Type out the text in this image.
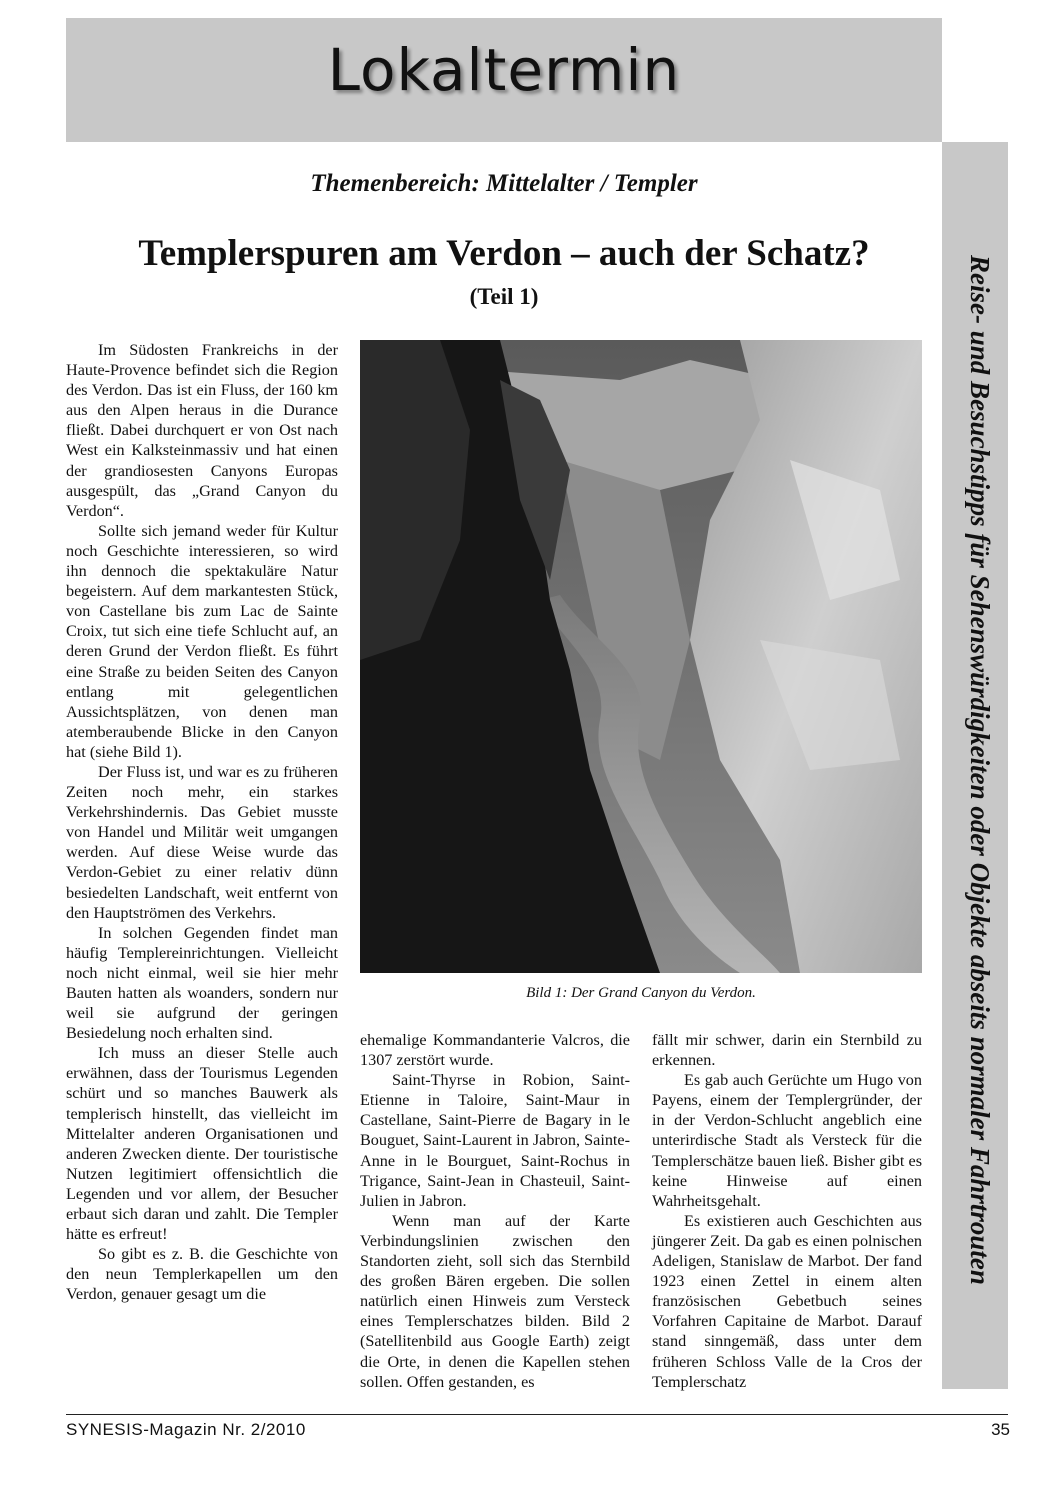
Lokaltermin
Reise- und Besuchstipps für Sehenswürdigkeiten oder Objekte abseits normaler Fahrtrouten
Themenbereich: Mittelalter / Templer
Templerspuren am Verdon – auch der Schatz?
(Teil 1)

Im Südosten Frankreichs in der Haute-Provence befindet sich die Region des Verdon. Das ist ein Fluss, der 160 km aus den Alpen heraus in die Durance fließt. Dabei durchquert er von Ost nach West ein Kalksteinmassiv und hat einen der grandiosesten Canyons Europas ausgespült, das „Grand Canyon du Verdon“.

Sollte sich jemand weder für Kultur noch Geschichte interessieren, so wird ihn dennoch die spektakuläre Natur begeistern. Auf dem markantesten Stück, von Castellane bis zum Lac de Sainte Croix, tut sich eine tiefe Schlucht auf, an deren Grund der Verdon fließt. Es führt eine Straße zu beiden Seiten des Canyon entlang mit gelegentlichen Aussichtsplätzen, von denen man atemberaubende Blicke in den Canyon hat (siehe Bild 1).

Der Fluss ist, und war es zu früheren Zeiten noch mehr, ein starkes Verkehrshindernis. Das Gebiet musste von Handel und Militär weit umgangen werden. Auf diese Weise wurde das Verdon-Gebiet zu einer relativ dünn besiedelten Landschaft, weit entfernt von den Hauptströmen des Verkehrs.

In solchen Gegenden findet man häufig Templereinrichtungen. Vielleicht noch nicht einmal, weil sie hier mehr Bauten hatten als woanders, sondern nur weil sie aufgrund der geringen Besiedelung noch erhalten sind.

Ich muss an dieser Stelle auch erwähnen, dass der Tourismus Legenden schürt und so manches Bauwerk als templerisch hinstellt, das vielleicht im Mittelalter anderen Organisationen und anderen Zwecken diente. Der touristische Nutzen legitimiert offensichtlich die Legenden und vor allem, der Besucher erbaut sich daran und zahlt. Die Templer hätte es erfreut!

So gibt es z. B. die Geschichte von den neun Templerkapellen um den Verdon, genauer gesagt um die

Bild 1: Der Grand Canyon du Verdon.

ehemalige Kommandanterie Valcros, die 1307 zerstört wurde.

Saint-Thyrse in Robion, Saint-Etienne in Taloire, Saint-Maur in Castellane, Saint-Pierre de Bagary in le Bouguet, Saint-Laurent in Jabron, Sainte-Anne in le Bourguet, Saint-Rochus in Trigance, Saint-Jean in Chasteuil, Saint-Julien in Jabron.

Wenn man auf der Karte Verbindungslinien zwischen den Standorten zieht, soll sich das Sternbild des großen Bären ergeben. Die sollen natürlich einen Hinweis zum Versteck eines Templerschatzes bilden. Bild 2 (Satellitenbild aus Google Earth) zeigt die Orte, in denen die Kapellen stehen sollen. Offen gestanden, es

fällt mir schwer, darin ein Sternbild zu erkennen.

Es gab auch Gerüchte um Hugo von Payens, einem der Templergründer, der in der Verdon-Schlucht angeblich eine unterirdische Stadt als Versteck für die Templerschätze bauen ließ. Bisher gibt es keine Hinweise auf einen Wahrheitsgehalt.

Es existieren auch Geschichten aus jüngerer Zeit. Da gab es einen polnischen Adeligen, Stanislaw de Marbot. Der fand 1923 einen Zettel in einem alten französischen Gebetbuch seines Vorfahren Capitaine de Marbot. Darauf stand sinngemäß, dass unter dem früheren Schloss Valle de la Cros der Templerschatz

SYNESIS-Magazin Nr. 2/2010	35
